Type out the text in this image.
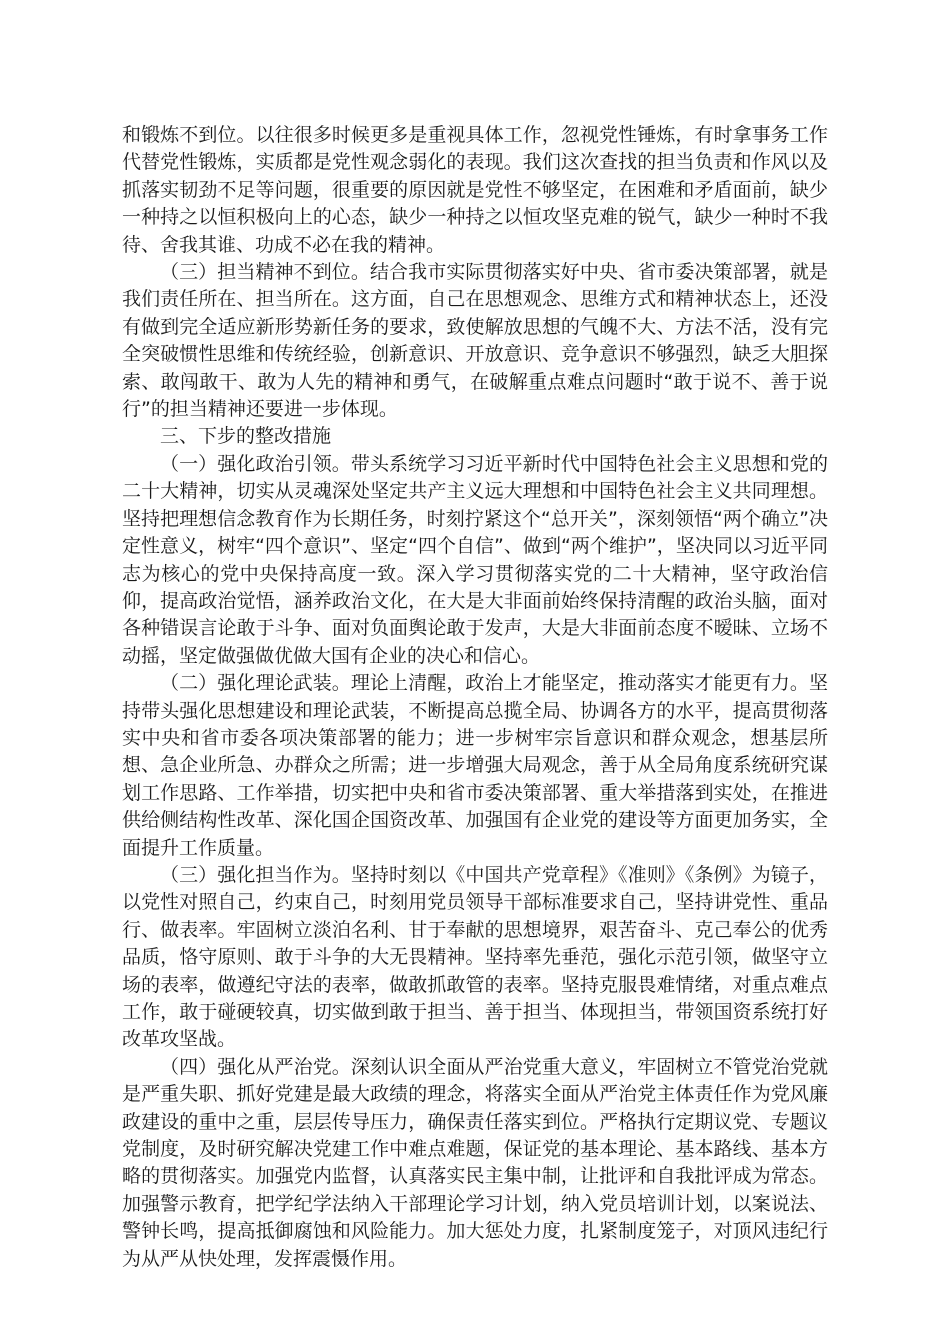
和锻炼不到位。以往很多时候更多是重视具体工作，忽视党性锤炼，有时拿事务工作代替党性锻炼，实质都是党性观念弱化的表现。我们这次查找的担当负责和作风以及抓落实韧劲不足等问题，很重要的原因就是党性不够坚定，在困难和矛盾面前，缺少一种持之以恒积极向上的心态，缺少一种持之以恒攻坚克难的锐气，缺少一种时不我待、舍我其谁、功成不必在我的精神。

（三）担当精神不到位。结合我市实际贯彻落实好中央、省市委决策部署，就是我们责任所在、担当所在。这方面，自己在思想观念、思维方式和精神状态上，还没有做到完全适应新形势新任务的要求，致使解放思想的气魄不大、方法不活，没有完全突破惯性思维和传统经验，创新意识、开放意识、竞争意识不够强烈，缺乏大胆探索、敢闯敢干、敢为人先的精神和勇气，在破解重点难点问题时“敢于说不、善于说行”的担当精神还要进一步体现。

三、下步的整改措施

（一）强化政治引领。带头系统学习习近平新时代中国特色社会主义思想和党的二十大精神，切实从灵魂深处坚定共产主义远大理想和中国特色社会主义共同理想。坚持把理想信念教育作为长期任务，时刻拧紧这个“总开关”，深刻领悟“两个确立”决定性意义，树牢“四个意识”、坚定“四个自信”、做到“两个维护”，坚决同以习近平同志为核心的党中央保持高度一致。深入学习贯彻落实党的二十大精神，坚守政治信仰，提高政治觉悟，涵养政治文化，在大是大非面前始终保持清醒的政治头脑，面对各种错误言论敢于斗争、面对负面舆论敢于发声，大是大非面前态度不暧昧、立场不动摇，坚定做强做优做大国有企业的决心和信心。

（二）强化理论武装。理论上清醒，政治上才能坚定，推动落实才能更有力。坚持带头强化思想建设和理论武装，不断提高总揽全局、协调各方的水平，提高贯彻落实中央和省市委各项决策部署的能力；进一步树牢宗旨意识和群众观念，想基层所想、急企业所急、办群众之所需；进一步增强大局观念，善于从全局角度系统研究谋划工作思路、工作举措，切实把中央和省市委决策部署、重大举措落到实处，在推进供给侧结构性改革、深化国企国资改革、加强国有企业党的建设等方面更加务实，全面提升工作质量。

（三）强化担当作为。坚持时刻以《中国共产党章程》《准则》《条例》为镜子，以党性对照自己，约束自己，时刻用党员领导干部标准要求自己，坚持讲党性、重品行、做表率。牢固树立淡泊名利、甘于奉献的思想境界，艰苦奋斗、克己奉公的优秀品质，恪守原则、敢于斗争的大无畏精神。坚持率先垂范，强化示范引领，做坚守立场的表率，做遵纪守法的表率，做敢抓敢管的表率。坚持克服畏难情绪，对重点难点工作，敢于碰硬较真，切实做到敢于担当、善于担当、体现担当，带领国资系统打好改革攻坚战。

（四）强化从严治党。深刻认识全面从严治党重大意义，牢固树立不管党治党就是严重失职、抓好党建是最大政绩的理念，将落实全面从严治党主体责任作为党风廉政建设的重中之重，层层传导压力，确保责任落实到位。严格执行定期议党、专题议党制度，及时研究解决党建工作中难点难题，保证党的基本理论、基本路线、基本方略的贯彻落实。加强党内监督，认真落实民主集中制，让批评和自我批评成为常态。加强警示教育，把学纪学法纳入干部理论学习计划，纳入党员培训计划，以案说法、警钟长鸣，提高抵御腐蚀和风险能力。加大惩处力度，扎紧制度笼子，对顶风违纪行为从严从快处理，发挥震慑作用。
